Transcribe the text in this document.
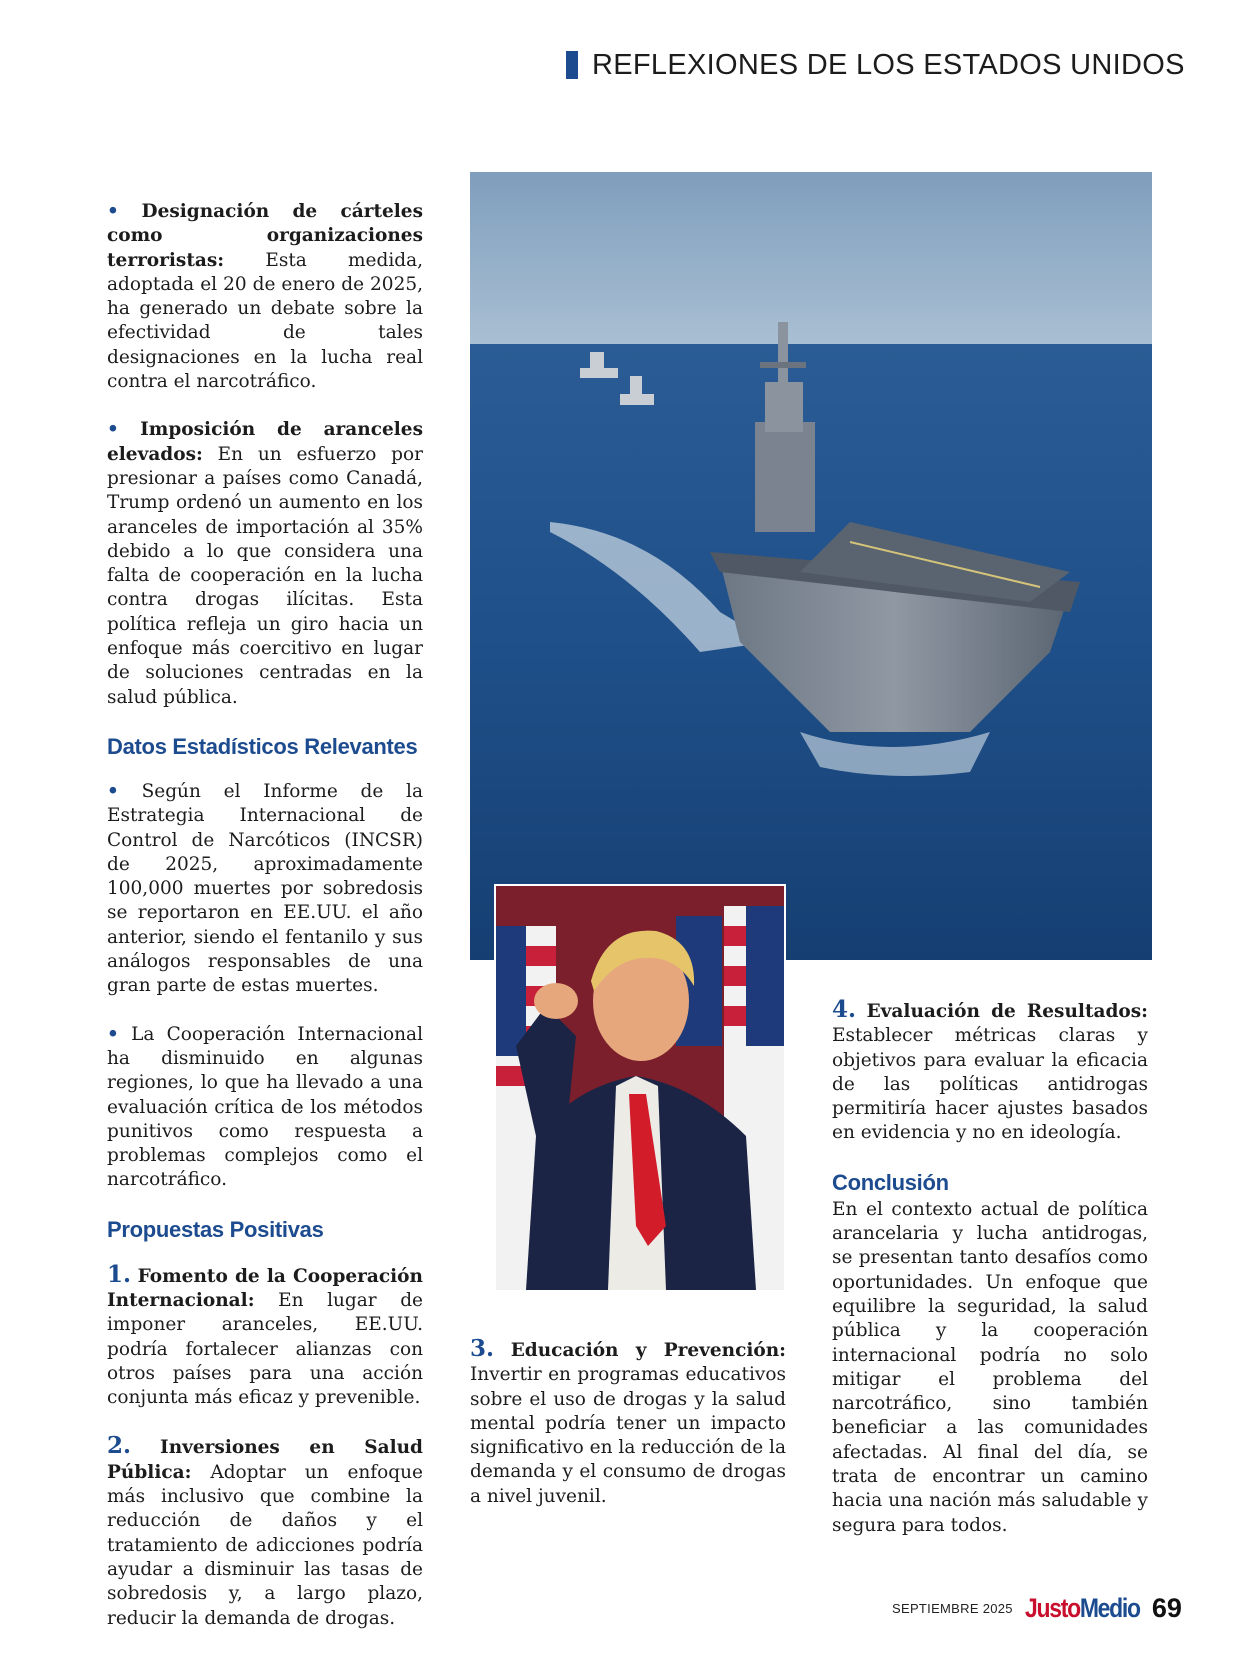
REFLEXIONES DE LOS ESTADOS UNIDOS

• Designación de cárteles como organizaciones terroristas: Esta medida, adoptada el 20 de enero de 2025, ha generado un debate sobre la efectividad de tales designaciones en la lucha real contra el narcotráfico.

• Imposición de aranceles elevados: En un esfuerzo por presionar a países como Canadá, Trump ordenó un aumento en los aranceles de importación al 35% debido a lo que considera una falta de cooperación en la lucha contra drogas ilícitas. Esta política refleja un giro hacia un enfoque más coercitivo en lugar de soluciones centradas en la salud pública.

Datos Estadísticos Relevantes

• Según el Informe de la Estrategia Internacional de Control de Narcóticos (INCSR) de 2025, aproximadamente 100,000 muertes por sobredosis se reportaron en EE.UU. el año anterior, siendo el fentanilo y sus análogos responsables de una gran parte de estas muertes.

• La Cooperación Internacional ha disminuido en algunas regiones, lo que ha llevado a una evaluación crítica de los métodos punitivos como respuesta a problemas complejos como el narcotráfico.

Propuestas Positivas

1. Fomento de la Cooperación Internacional: En lugar de imponer aranceles, EE.UU. podría fortalecer alianzas con otros países para una acción conjunta más eficaz y prevenible.

2. Inversiones en Salud Pública: Adoptar un enfoque más inclusivo que combine la reducción de daños y el tratamiento de adicciones podría ayudar a disminuir las tasas de sobredosis y, a largo plazo, reducir la demanda de drogas.

3. Educación y Prevención: Invertir en programas educativos sobre el uso de drogas y la salud mental podría tener un impacto significativo en la reducción de la demanda y el consumo de drogas a nivel juvenil.

4. Evaluación de Resultados: Establecer métricas claras y objetivos para evaluar la eficacia de las políticas antidrogas permitiría hacer ajustes basados en evidencia y no en ideología.

Conclusión

En el contexto actual de política arancelaria y lucha antidrogas, se presentan tanto desafíos como oportunidades. Un enfoque que equilibre la seguridad, la salud pública y la cooperación internacional podría no solo mitigar el problema del narcotráfico, sino también beneficiar a las comunidades afectadas. Al final del día, se trata de encontrar un camino hacia una nación más saludable y segura para todos.

SEPTIEMBRE 2025 JustoMedio 69
